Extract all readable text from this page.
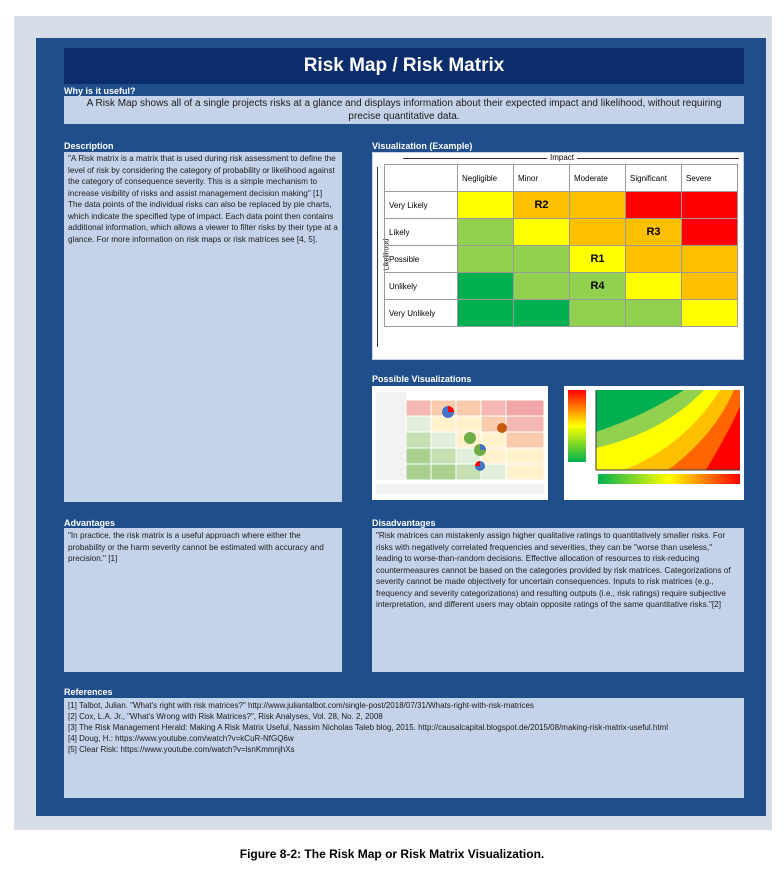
Risk Map / Risk Matrix
Why is it useful?
A Risk Map shows all of a single projects risks at a glance and displays information about their expected impact and likelihood, without requiring precise quantitative data.
Description
"A Risk matrix is a matrix that is used during risk assessment to define the level of risk by considering the category of probability or likelihood against the category of consequence severity. This is a simple mechanism to increase visibility of risks and assist management decision making" [1] The data points of the individual risks can also be replaced by pie charts, which indicate the specified type of impact. Each data point then contains additional information, which allows a viewer to filter risks by their type at a glance. For more information on risk maps or risk matrices see [4, 5].
Visualization (Example)
Impact
Likelihood
	Negligible	Minor	Moderate	Significant	Severe
Very Likely		R2			
Likely				R3	
Possible			R1		
Unlikely			R4		
Very Unlikely					
Possible Visualizations
Advantages
"In practice, the risk matrix is a useful approach where either the probability or the harm severity cannot be estimated with accuracy and precision." [1]
Disadvantages
"Risk matrices can mistakenly assign higher qualitative ratings to quantitatively smaller risks. For risks with negatively correlated frequencies and severities, they can be "worse than useless," leading to worse-than-random decisions. Effective allocation of resources to risk-reducing countermeasures cannot be based on the categories provided by risk matrices. Categorizations of severity cannot be made objectively for uncertain consequences. Inputs to risk matrices (e.g., frequency and severity categorizations) and resulting outputs (i.e., risk ratings) require subjective interpretation, and different users may obtain opposite ratings of the same quantitative risks."[2]
References
[1] Talbot, Julian. "What's right with risk matrices?" http://www.juliantalbot.com/single-post/2018/07/31/Whats-right-with-risk-matrices
[2] Cox, L.A. Jr., "What's Wrong with Risk Matrices?", Risk Analyses, Vol. 28, No. 2, 2008
[3] The Risk Management Herald: Making A Risk Matrix Useful, Nassim Nicholas Taleb blog, 2015. http://causalcapital.blogspot.de/2015/08/making-risk-matrix-useful.html
[4] Doug, H.: https://www.youtube.com/watch?v=kCuR-NfGQ6w
[5] Clear Risk: https://www.youtube.com/watch?v=lsnKmmnjhXs
Figure 8-2: The Risk Map or Risk Matrix Visualization.
